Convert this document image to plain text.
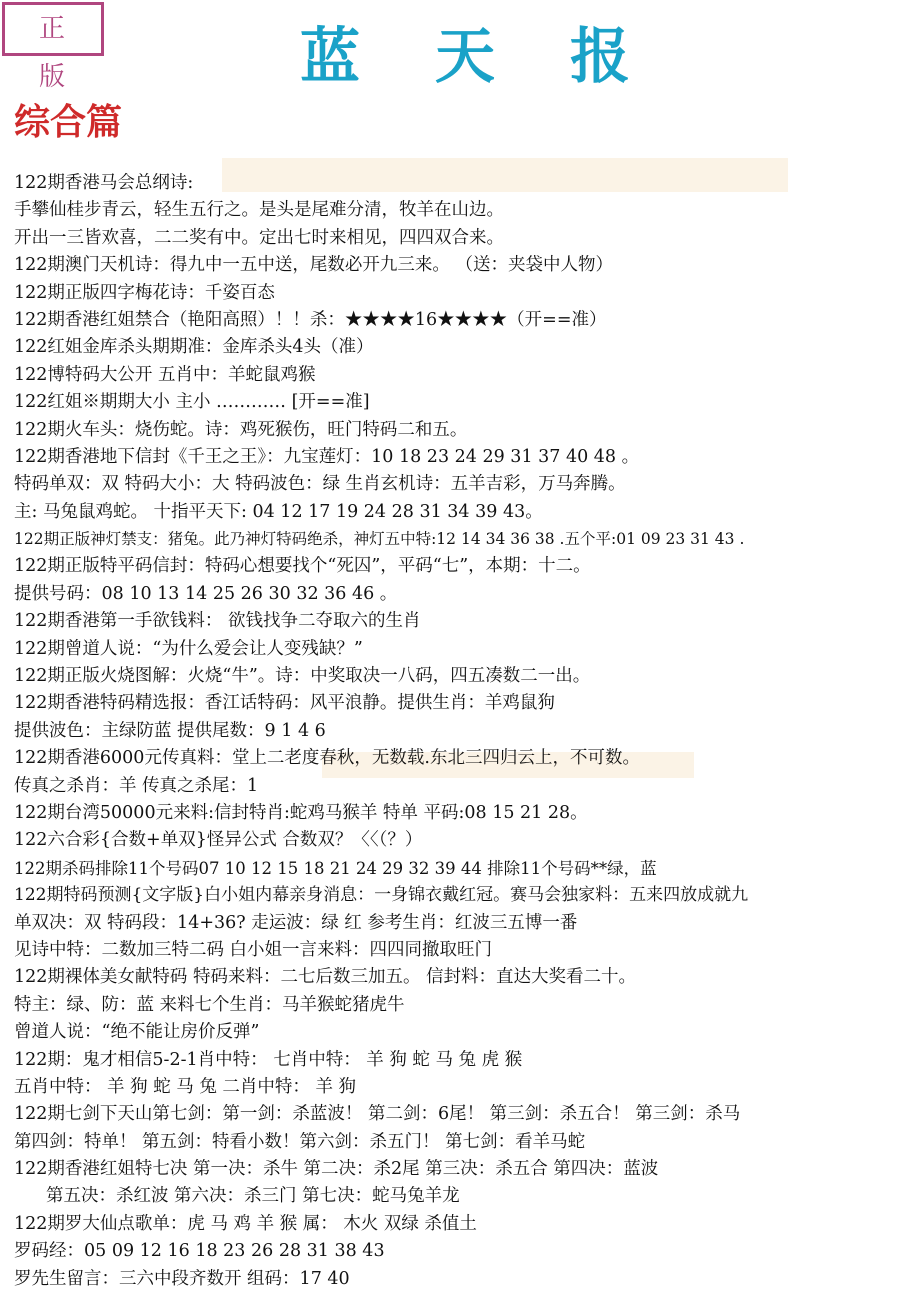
正 版	蓝 天 报
综合篇
122期香港马会总纲诗:
手攀仙桂步青云，轻生五行之。是头是尾难分清，牧羊在山边。
开出一三皆欢喜，二二奖有中。定出七时来相见，四四双合来。
122期澳门天机诗：得九中一五中送，尾数必开九三来。 （送：夹袋中人物）
122期正版四字梅花诗：千姿百态
122期香港红姐禁合（艳阳高照）！！杀：★★★★16★★★★（开==准）
122红姐金库杀头期期准：金库杀头4头（准）
122博特码大公开 五肖中：羊蛇鼠鸡猴
122红姐※期期大小 主小 ………… [开==准]
122期火车头：烧伤蛇。诗：鸡死猴伤，旺门特码二和五。
122期香港地下信封《千王之王》：九宝莲灯：10 18 23 24 29 31 37 40 48 。
特码单双：双 特码大小：大 特码波色：绿 生肖玄机诗：五羊吉彩，万马奔腾。
主: 马兔鼠鸡蛇。 十指平天下: 04 12 17 19 24 28 31 34 39 43。
122期正版神灯禁支：猪兔。此乃神灯特码绝杀，神灯五中特:12 14 34 36 38 .五个平:01 09 23 31 43 .
122期正版特平码信封：特码心想要找个“死囚”，平码“七”，本期：十二。
提供号码：08 10 13 14 25 26 30 32 36 46 。
122期香港第一手欲钱料： 欲钱找争二夺取六的生肖
122期曾道人说：“为什么爱会让人变残缺？”
122期正版火烧图解：火烧“牛”。诗：中奖取决一八码，四五凑数二一出。
122期香港特码精选报：香江话特码：风平浪静。提供生肖：羊鸡鼠狗
提供波色：主绿防蓝 提供尾数：9 1 4 6
122期香港6000元传真料：堂上二老度春秋，无数载.东北三四归云上，不可数。
传真之杀肖：羊 传真之杀尾：1
122期台湾50000元来料:信封特肖:蛇鸡马猴羊 特单 平码:08 15 21 28。
122六合彩{合数+单双}怪异公式 合数双？〈〈（？）
122期杀码排除11个号码07 10 12 15 18 21 24 29 32 39 44 排除11个号码**绿，蓝
122期特码预测{文字版}白小姐内幕亲身消息：一身锦衣戴红冠。赛马会独家料：五来四放成就九
单双决：双 特码段：14+36? 走运波：绿 红 参考生肖：红波三五博一番
见诗中特：二数加三特二码 白小姐一言来料：四四同撤取旺门
122期裸体美女献特码 特码来料：二七后数三加五。 信封料：直达大奖看二十。
特主：绿、防：蓝 来料七个生肖：马羊猴蛇猪虎牛
曾道人说：“绝不能让房价反弹”
122期：鬼才相信5-2-1肖中特： 七肖中特： 羊 狗 蛇 马 兔 虎 猴
五肖中特： 羊 狗 蛇 马 兔 二肖中特： 羊 狗
122期七剑下天山第七剑：第一剑：杀蓝波！ 第二剑：6尾！ 第三剑：杀五合！ 第三剑：杀马
第四剑：特单！ 第五剑：特看小数！第六剑：杀五门！ 第七剑：看羊马蛇
122期香港红姐特七决 第一决：杀牛 第二决：杀2尾 第三决：杀五合 第四决：蓝波
第五决：杀红波 第六决：杀三门 第七决：蛇马兔羊龙
122期罗大仙点歌单：虎 马 鸡 羊 猴 属： 木火 双绿 杀值土
罗码经：05 09 12 16 18 23 26 28 31 38 43
罗先生留言：三六中段齐数开 组码：17 40
